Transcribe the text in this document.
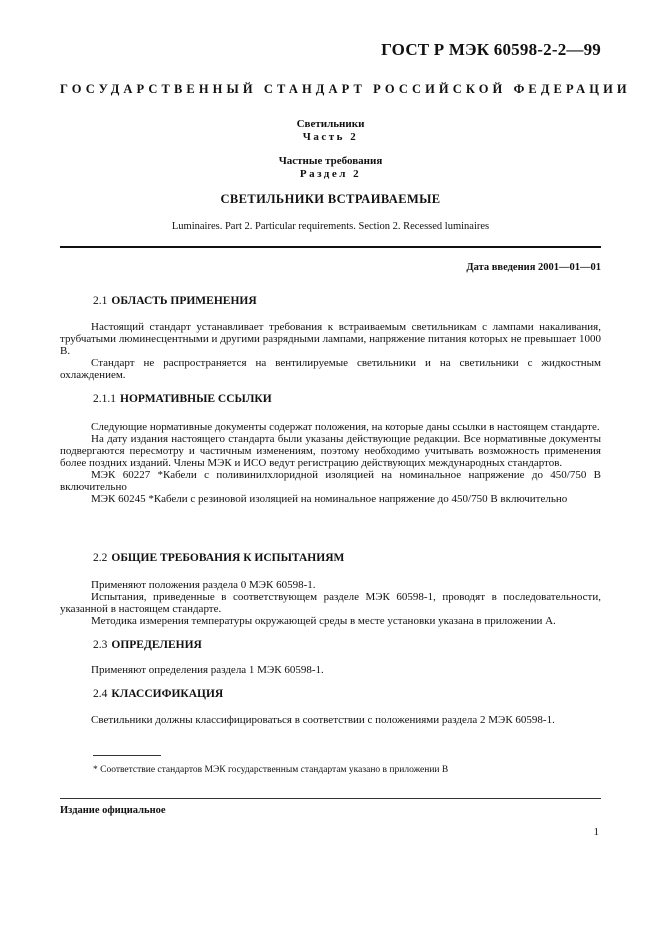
ГОСТ Р МЭК 60598-2-2—99
ГОСУДАРСТВЕННЫЙ СТАНДАРТ РОССИЙСКОЙ ФЕДЕРАЦИИ
Светильники
Часть 2
Частные требования
Раздел 2
СВЕТИЛЬНИКИ ВСТРАИВАЕМЫЕ
Luminaires. Part 2. Particular requirements. Section 2. Recessed luminaires
Дата введения 2001—01—01
2.1 ОБЛАСТЬ ПРИМЕНЕНИЯ

Настоящий стандарт устанавливает требования к встраиваемым светильникам с лампами накаливания, трубчатыми люминесцентными и другими разрядными лампами, напряжение питания которых не превышает 1000 В.

Стандарт не распространяется на вентилируемые светильники и на светильники с жидкостным охлаждением.

2.1.1 НОРМАТИВНЫЕ ССЫЛКИ

Следующие нормативные документы содержат положения, на которые даны ссылки в настоящем стандарте.

На дату издания настоящего стандарта были указаны действующие редакции. Все нормативные документы подвергаются пересмотру и частичным изменениям, поэтому необходимо учитывать возможность применения более поздних изданий. Члены МЭК и ИСО ведут регистрацию действующих международных стандартов.

МЭК 60227 *Кабели с поливинилхлоридной изоляцией на номинальное напряжение до 450/750 В включительно

МЭК 60245 *Кабели с резиновой изоляцией на номинальное напряжение до 450/750 В включительно

2.2 ОБЩИЕ ТРЕБОВАНИЯ К ИСПЫТАНИЯМ

Применяют положения раздела 0 МЭК 60598-1.

Испытания, приведенные в соответствующем разделе МЭК 60598-1, проводят в последовательности, указанной в настоящем стандарте.

Методика измерения температуры окружающей среды в месте установки указана в приложении А.

2.3 ОПРЕДЕЛЕНИЯ

Применяют определения раздела 1 МЭК 60598-1.

2.4 КЛАССИФИКАЦИЯ

Светильники должны классифицироваться в соответствии с положениями раздела 2 МЭК 60598-1.

* Соответствие стандартов МЭК государственным стандартам указано в приложении В
Издание официальное
1
